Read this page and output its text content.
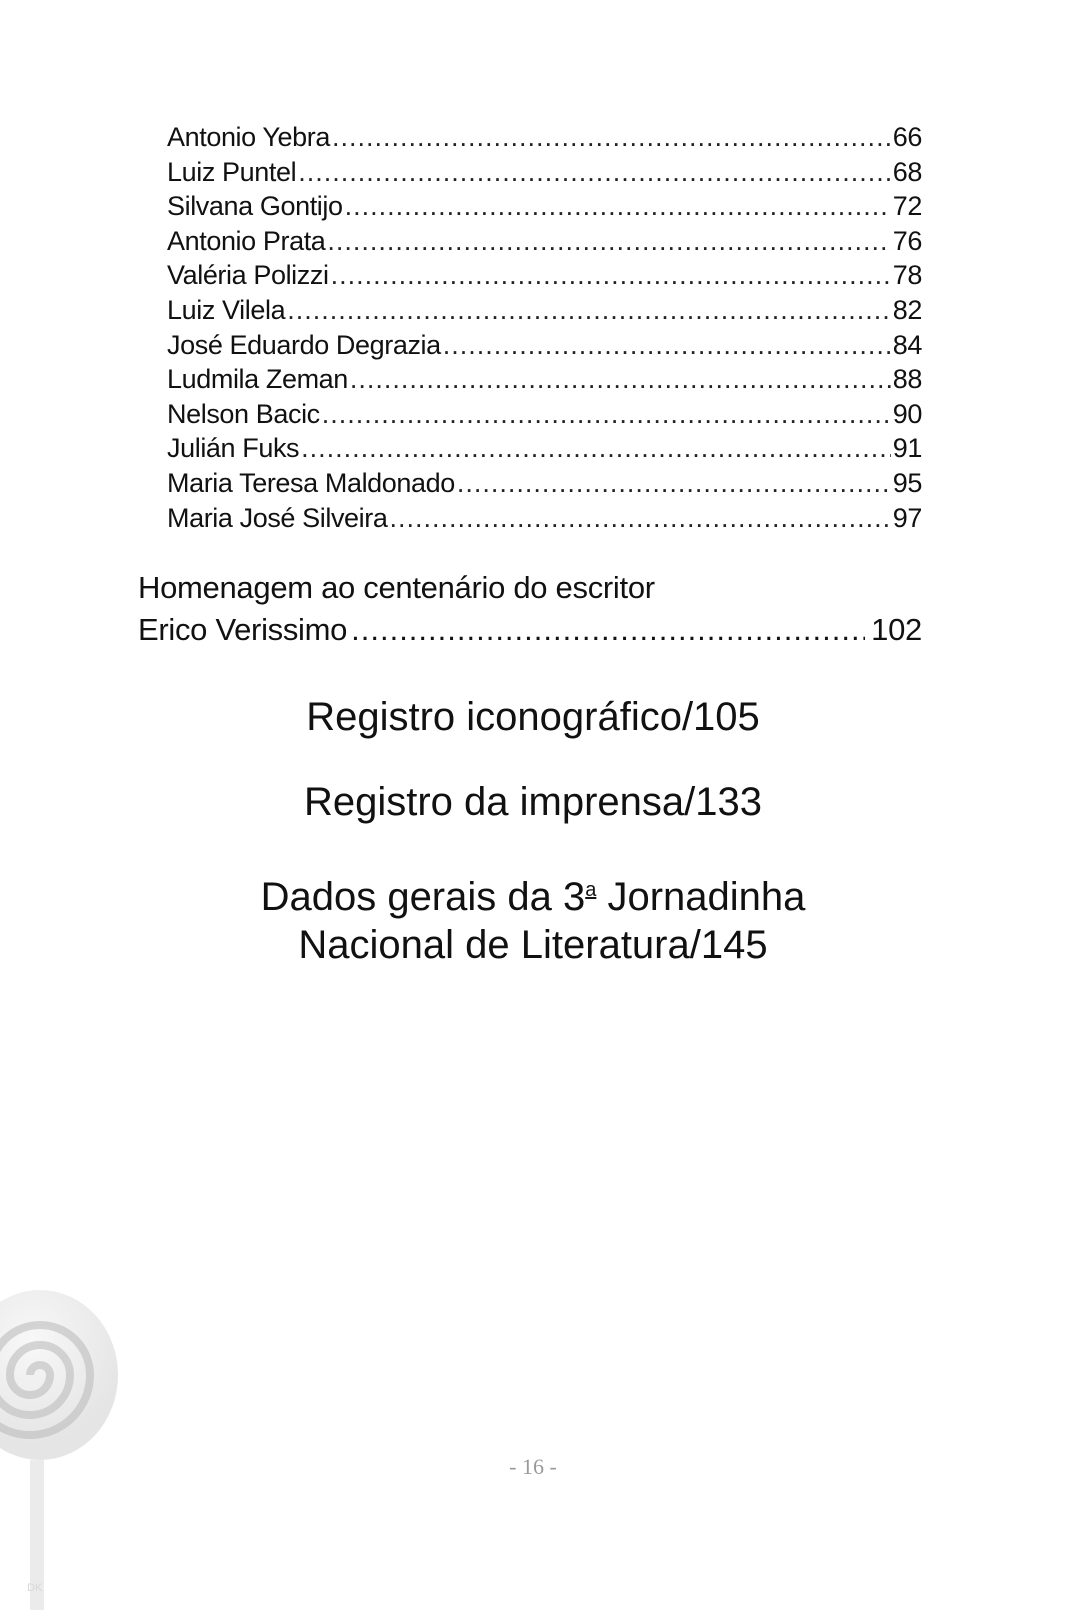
Antonio Yebra .....	66
Luiz Puntel .....	68
Silvana Gontijo .....	72
Antonio Prata .....	76
Valéria Polizzi .....	78
Luiz Vilela .....	82
José Eduardo Degrazia .....	84
Ludmila Zeman .....	88
Nelson Bacic .....	90
Julián Fuks .....	91
Maria Teresa Maldonado .....	95
Maria José Silveira .....	97
Homenagem ao centenário do escritor
Erico Verissimo .....	102
Registro iconográfico/105
Registro da imprensa/133
Dados gerais da 3$^a$ Jornadinha
Nacional de Literatura/145
DK
- 16 -
